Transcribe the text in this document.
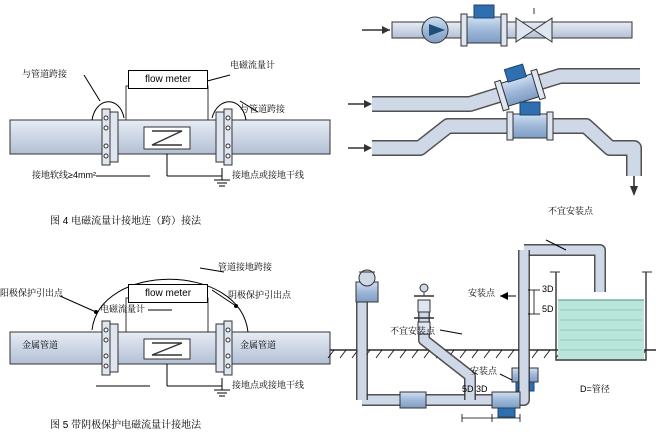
flow meter
与管道跨接
电磁流量计
与管道跨接
接地软线≥4mm²	接地点或接地干线
图 4 电磁流量计接地连（跨）接法
flow meter
阳极保护引出点
管道接地跨接
阴极保护引出点
电磁流量计
金属管道	金属管道
接地点或接地干线
图 5 带阴极保护电磁流量计接地法
不宜安装点
安装点	3D
5D
不宜安装点
安装点
5D 3D	D=管径
